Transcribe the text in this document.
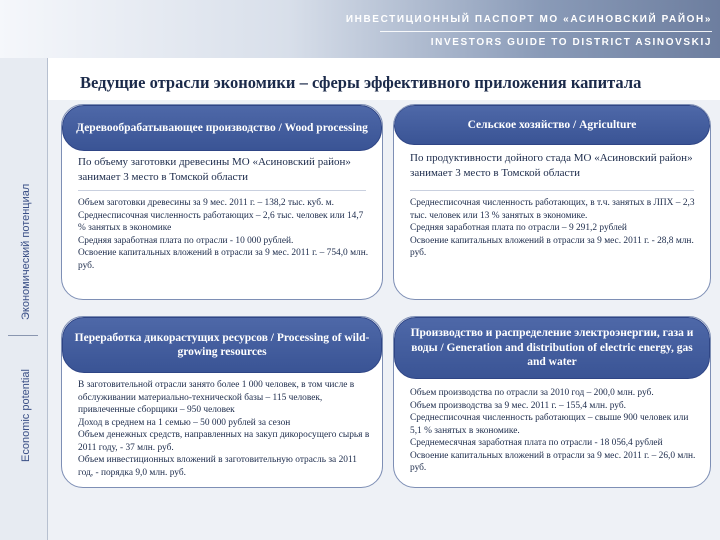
ИНВЕСТИЦИОННЫЙ ПАСПОРТ МО «АСИНОВСКИЙ РАЙОН»
INVESTORS GUIDE TO DISTRICT ASINOVSKIJ
Экономический потенциал
Economic potential
Ведущие отрасли экономики – сферы эффективного приложения капитала
Деревообрабатывающее производство / Wood processing
По объему заготовки древесины МО «Асиновский район» занимает 3 место в Томской области
Объем заготовки древесины за 9 мес. 2011 г. – 138,2 тыс. куб. м.
Среднесписочная численность работающих – 2,6 тыс. человек или 14,7 % занятых в экономике
Средняя заработная плата по отрасли - 10 000 рублей.
Освоение капитальных вложений в отрасли за 9 мес. 2011 г. – 754,0 млн. руб.
Сельское хозяйство / Agriculture
По продуктивности дойного стада МО «Асиновский район» занимает 3 место в Томской области
Среднесписочная численность работающих, в т.ч. занятых в ЛПХ – 2,3 тыс. человек или 13 % занятых в экономике.
Средняя заработная плата по отрасли – 9 291,2 рублей
Освоение капитальных вложений в отрасли за 9 мес. 2011 г. - 28,8 млн. руб.
Переработка дикорастущих ресурсов / Processing of wild-growing resources
В заготовительной отрасли занято более 1 000 человек, в том числе в обслуживании материально-технической базы – 115 человек, привлеченные сборщики – 950 человек
Доход в среднем на 1 семью – 50 000 рублей за сезон
Объем денежных средств, направленных на закуп дикоросущего сырья в 2011 году, - 37 млн. руб.
Объем инвестиционных вложений в заготовительную отрасль за 2011 год, - порядка 9,0 млн. руб.
Производство и распределение электроэнергии, газа и воды / Generation and distribution of electric energy, gas and water
Объем производства по отрасли за 2010 год – 200,0 млн. руб.
Объем производства за 9 мес. 2011 г. – 155,4 млн. руб.
Среднесписочная численность работающих – свыше 900 человек или 5,1 % занятых в экономике.
Среднемесячная заработная плата по отрасли - 18 056,4 рублей
Освоение капитальных вложений в отрасли за 9 мес. 2011 г. – 26,0 млн. руб.
